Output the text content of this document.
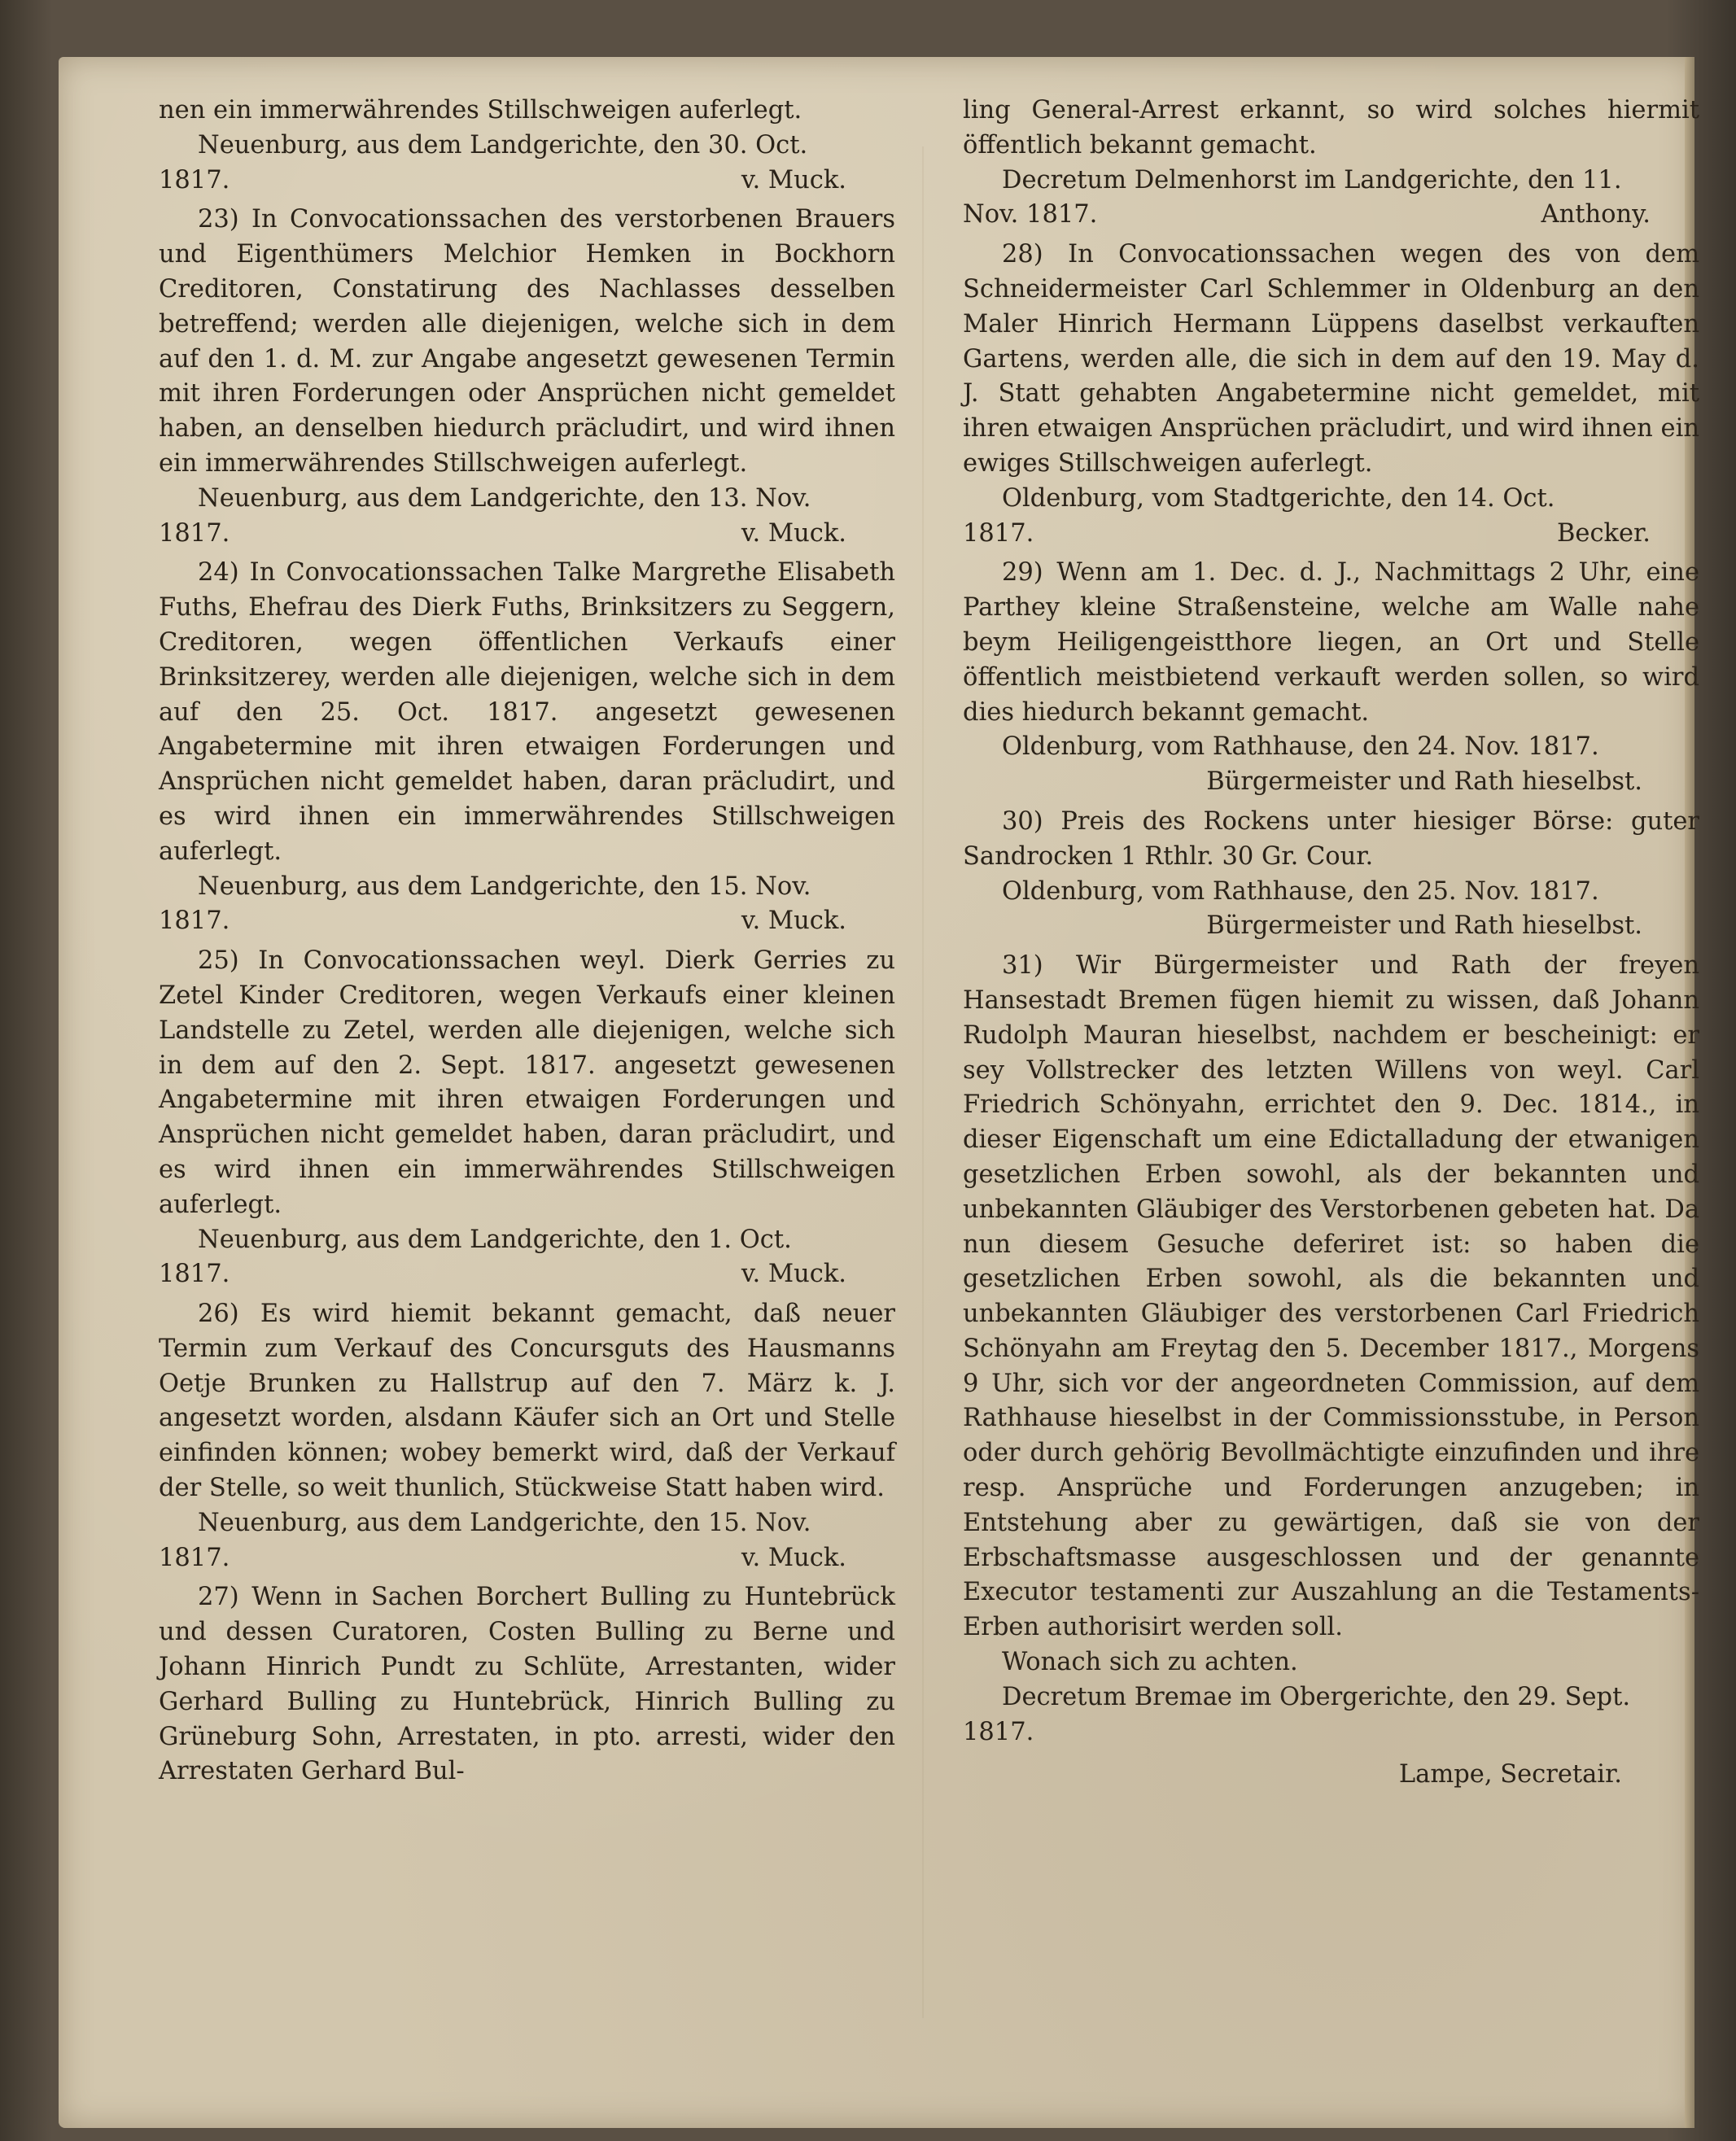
nen ein immerwährendes Stillschweigen auferlegt.

Neuenburg, aus dem Landgerichte, den 30. Oct.

1817.	v. Muck.

23) In Convocationssachen des verstorbenen Brauers und Eigenthümers Melchior Hemken in Bockhorn Creditoren, Constatirung des Nachlasses desselben betreffend; werden alle diejenigen, welche sich in dem auf den 1. d. M. zur Angabe angesetzt gewesenen Termin mit ihren Forderungen oder Ansprüchen nicht gemeldet haben, an denselben hiedurch präcludirt, und wird ihnen ein immerwährendes Stillschweigen auferlegt.

Neuenburg, aus dem Landgerichte, den 13. Nov.

1817.	v. Muck.

24) In Convocationssachen Talke Margrethe Elisabeth Fuths, Ehefrau des Dierk Fuths, Brinksitzers zu Seggern, Creditoren, wegen öffentlichen Verkaufs einer Brinksitzerey, werden alle diejenigen, welche sich in dem auf den 25. Oct. 1817. angesetzt gewesenen Angabetermine mit ihren etwaigen Forderungen und Ansprüchen nicht gemeldet haben, daran präcludirt, und es wird ihnen ein immerwährendes Stillschweigen auferlegt.

Neuenburg, aus dem Landgerichte, den 15. Nov.

1817.	v. Muck.

25) In Convocationssachen weyl. Dierk Gerries zu Zetel Kinder Creditoren, wegen Verkaufs einer kleinen Landstelle zu Zetel, werden alle diejenigen, welche sich in dem auf den 2. Sept. 1817. angesetzt gewesenen Angabetermine mit ihren etwaigen Forderungen und Ansprüchen nicht gemeldet haben, daran präcludirt, und es wird ihnen ein immerwährendes Stillschweigen auferlegt.

Neuenburg, aus dem Landgerichte, den 1. Oct.

1817.	v. Muck.

26) Es wird hiemit bekannt gemacht, daß neuer Termin zum Verkauf des Concursguts des Hausmanns Oetje Brunken zu Hallstrup auf den 7. März k. J. angesetzt worden, alsdann Käufer sich an Ort und Stelle einfinden können; wobey bemerkt wird, daß der Verkauf der Stelle, so weit thunlich, Stückweise Statt haben wird.

Neuenburg, aus dem Landgerichte, den 15. Nov.

1817.	v. Muck.

27) Wenn in Sachen Borchert Bulling zu Huntebrück und dessen Curatoren, Costen Bulling zu Berne und Johann Hinrich Pundt zu Schlüte, Arrestanten, wider Gerhard Bulling zu Huntebrück, Hinrich Bulling zu Grüneburg Sohn, Arrestaten, in pto. arresti, wider den Arrestaten Gerhard Bul-

ling General-Arrest erkannt, so wird solches hiermit öffentlich bekannt gemacht.

Decretum Delmenhorst im Landgerichte, den 11.

Nov. 1817.	Anthony.

28) In Convocationssachen wegen des von dem Schneidermeister Carl Schlemmer in Oldenburg an den Maler Hinrich Hermann Lüppens daselbst verkauften Gartens, werden alle, die sich in dem auf den 19. May d. J. Statt gehabten Angabetermine nicht gemeldet, mit ihren etwaigen Ansprüchen präcludirt, und wird ihnen ein ewiges Stillschweigen auferlegt.

Oldenburg, vom Stadtgerichte, den 14. Oct.

1817.	Becker.

29) Wenn am 1. Dec. d. J., Nachmittags 2 Uhr, eine Parthey kleine Straßensteine, welche am Walle nahe beym Heiligengeistthore liegen, an Ort und Stelle öffentlich meistbietend verkauft werden sollen, so wird dies hiedurch bekannt gemacht.

Oldenburg, vom Rathhause, den 24. Nov. 1817.

Bürgermeister und Rath hieselbst.

30) Preis des Rockens unter hiesiger Börse: guter Sandrocken 1 Rthlr. 30 Gr. Cour.

Oldenburg, vom Rathhause, den 25. Nov. 1817.

Bürgermeister und Rath hieselbst.

31) Wir Bürgermeister und Rath der freyen Hansestadt Bremen fügen hiemit zu wissen, daß Johann Rudolph Mauran hieselbst, nachdem er bescheinigt: er sey Vollstrecker des letzten Willens von weyl. Carl Friedrich Schönyahn, errichtet den 9. Dec. 1814., in dieser Eigenschaft um eine Edictalladung der etwanigen gesetzlichen Erben sowohl, als der bekannten und unbekannten Gläubiger des Verstorbenen gebeten hat. Da nun diesem Gesuche deferiret ist: so haben die gesetzlichen Erben sowohl, als die bekannten und unbekannten Gläubiger des verstorbenen Carl Friedrich Schönyahn am Freytag den 5. December 1817., Morgens 9 Uhr, sich vor der angeordneten Commission, auf dem Rathhause hieselbst in der Commissionsstube, in Person oder durch gehörig Bevollmächtigte einzufinden und ihre resp. Ansprüche und Forderungen anzugeben; in Entstehung aber zu gewärtigen, daß sie von der Erbschaftsmasse ausgeschlossen und der genannte Executor testamenti zur Auszahlung an die Testaments-Erben authorisirt werden soll.

Wonach sich zu achten.

Decretum Bremae im Obergerichte, den 29. Sept.

1817.

Lampe, Secretair.
